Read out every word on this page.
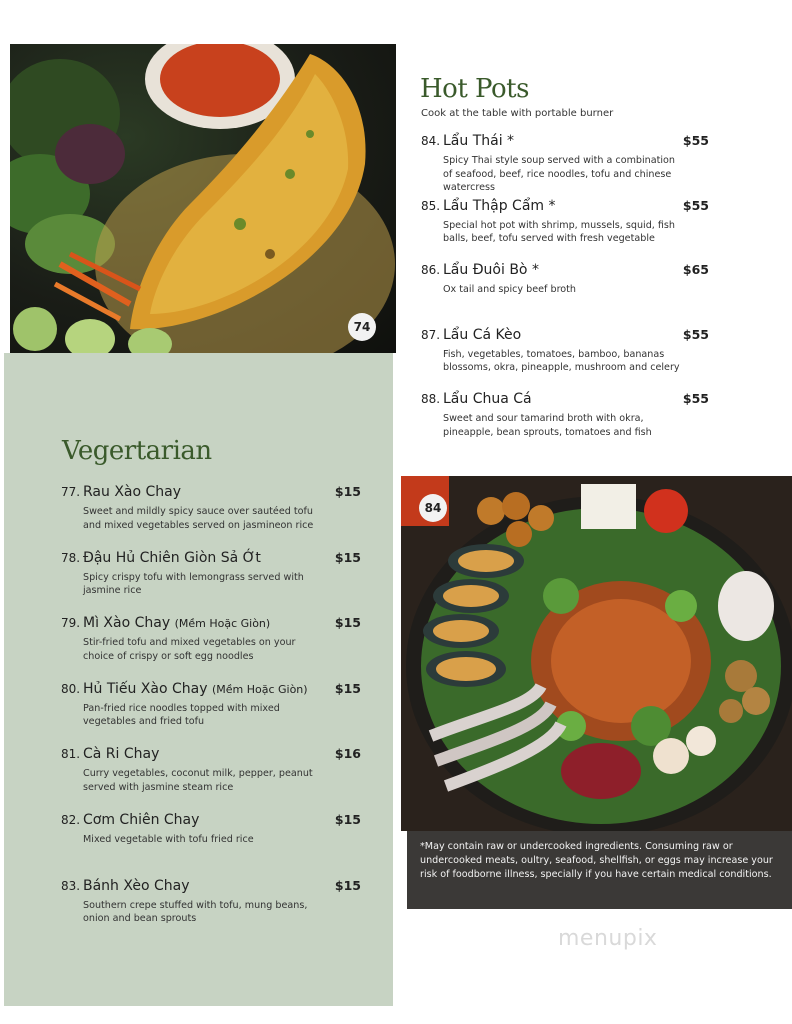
74
Vegertarian
77. Rau Xào Chay	$15
Sweet and mildly spicy sauce over sautéed tofu and mixed vegetables served on jasmineon rice
78. Đậu Hủ Chiên Giòn Sả Ớt	$15
Spicy crispy tofu with lemongrass served with jasmine rice
79. Mì Xào Chay (Mềm Hoặc Giòn)	$15
Stir-fried tofu and mixed vegetables on your choice of crispy or soft egg noodles
80. Hủ Tiếu Xào Chay (Mềm Hoặc Giòn)	$15
Pan-fried rice noodles topped with mixed vegetables and fried tofu
81. Cà Ri Chay	$16
Curry vegetables, coconut milk, pepper, peanut served with jasmine steam rice
82. Cơm Chiên Chay	$15
Mixed vegetable with tofu fried rice
83. Bánh Xèo Chay	$15
Southern crepe stuffed with tofu, mung beans, onion and bean sprouts
Hot Pots
Cook at the table with portable burner
84. Lẩu Thái *	$55
Spicy Thai style soup served with a combination of seafood, beef, rice noodles, tofu and chinese watercress
85. Lẩu Thập Cẩm *	$55
Special hot pot with shrimp, mussels, squid, fish balls, beef, tofu served with fresh vegetable
86. Lẩu Đuôi Bò *	$65
Ox tail and spicy beef broth
87. Lẩu Cá Kèo	$55
Fish, vegetables, tomatoes, bamboo, bananas blossoms, okra, pineapple, mushroom and celery
88. Lẩu Chua Cá	$55
Sweet and sour tamarind broth with okra, pineapple, bean sprouts, tomatoes and fish
84
*May contain raw or undercooked ingredients. Consuming raw or undercooked meats, oultry, seafood, shellfish, or eggs may increase your risk of foodborne illness, specially if you have certain medical conditions.
menupix
